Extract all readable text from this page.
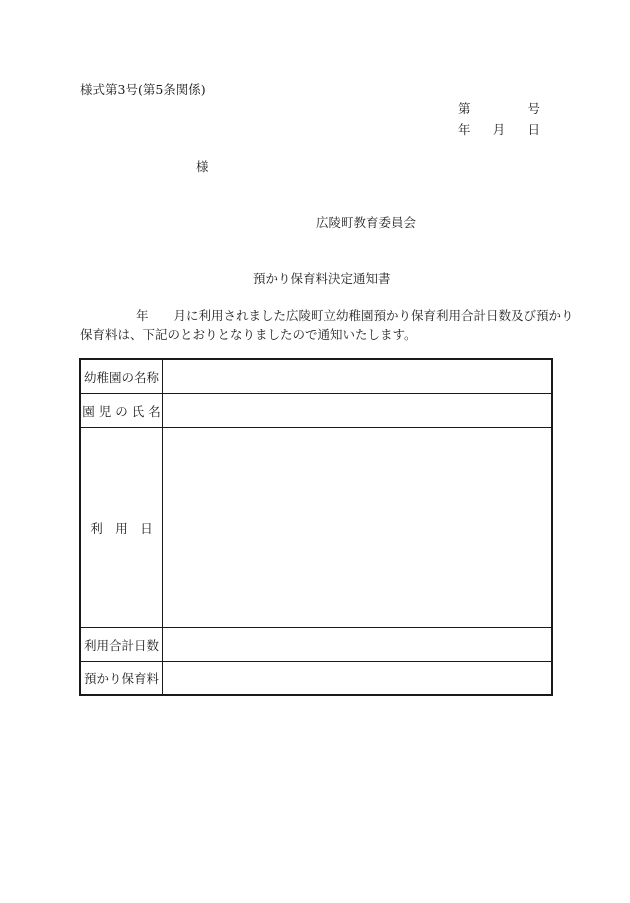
様式第3号(第5条関係)
第	号
年 月 日
様
広陵町教育委員会
預かり保育料決定通知書
年　　月に利用されました広陵町立幼稚園預かり保育利用合計日数及び預かり
保育料は、下記のとおりとなりましたので通知いたします。
幼稚園の名称	
園 児 の 氏 名	
利　用　日	
利用合計日数	
預かり保育料	
